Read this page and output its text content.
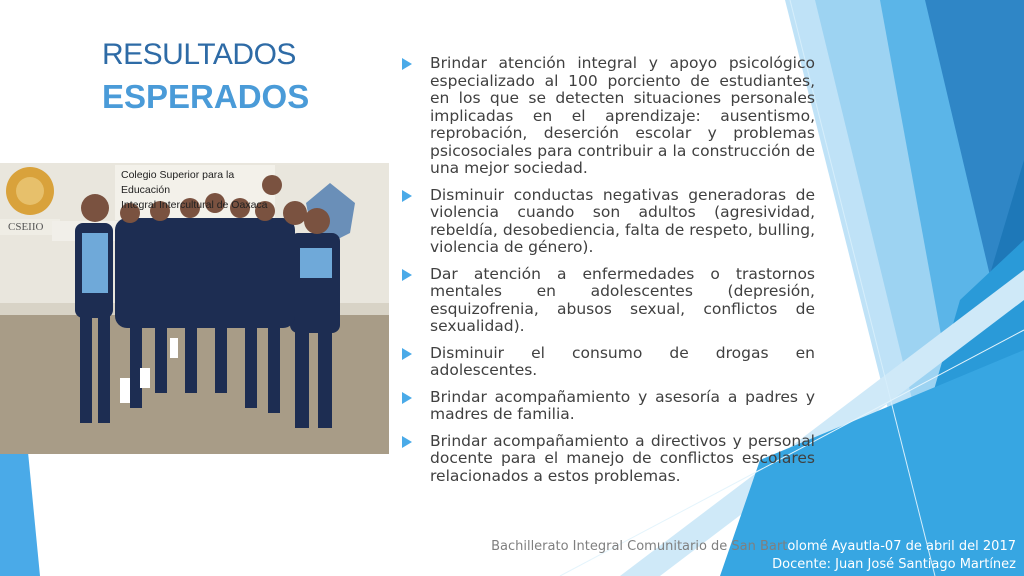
RESULTADOS
ESPERADOS
Colegio Superior para la Educación
Integral Intercultural de Oaxaca
CSEIIO
Brindar atención integral y apoyo psicológico especializado al 100 porciento de estudiantes, en los que se detecten situaciones personales implicadas en el aprendizaje: ausentismo, reprobación, deserción escolar y problemas psicosociales para contribuir a la construcción de una mejor sociedad.
Disminuir conductas negativas generadoras de violencia cuando son adultos (agresividad, rebeldía, desobediencia, falta de respeto, bulling, violencia de género).
Dar atención a enfermedades o trastornos mentales en adolescentes (depresión, esquizofrenia, abusos sexual, conflictos de sexualidad).
Disminuir el consumo de drogas en adolescentes.
Brindar acompañamiento y asesoría a padres y madres de familia.
Brindar acompañamiento a directivos y personal docente para el manejo de conflictos escolares relacionados a estos problemas.
Bachillerato Integral Comunitario de San Bartolomé Ayautla-07 de abril del 2017
Docente: Juan José Santiago Martínez
